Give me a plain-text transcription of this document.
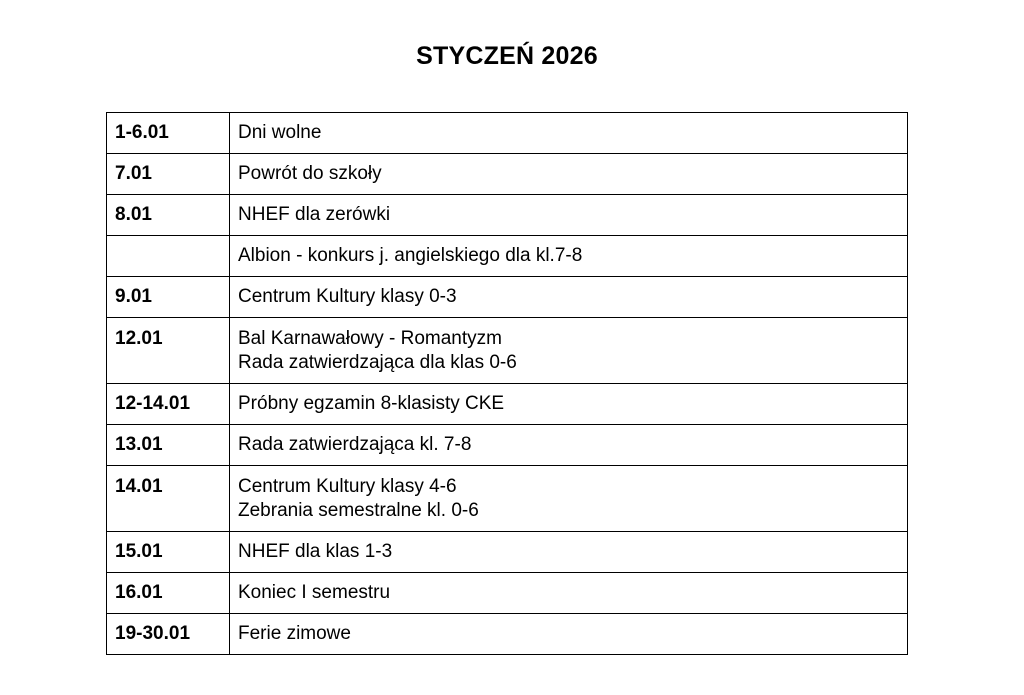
STYCZEŃ 2026
1-6.01	Dni wolne

7.01	Powrót do szkoły

8.01	NHEF dla zerówki

	Albion - konkurs j. angielskiego dla kl.7-8

9.01	Centrum Kultury klasy 0-3

12.01	Bal Karnawałowy - Romantyzm
Rada zatwierdzająca dla klas 0-6

12-14.01	Próbny egzamin 8-klasisty CKE

13.01	Rada zatwierdzająca kl. 7-8

14.01	Centrum Kultury klasy 4-6
Zebrania semestralne kl. 0-6

15.01	NHEF dla klas 1-3

16.01	Koniec I semestru

19-30.01	Ferie zimowe
